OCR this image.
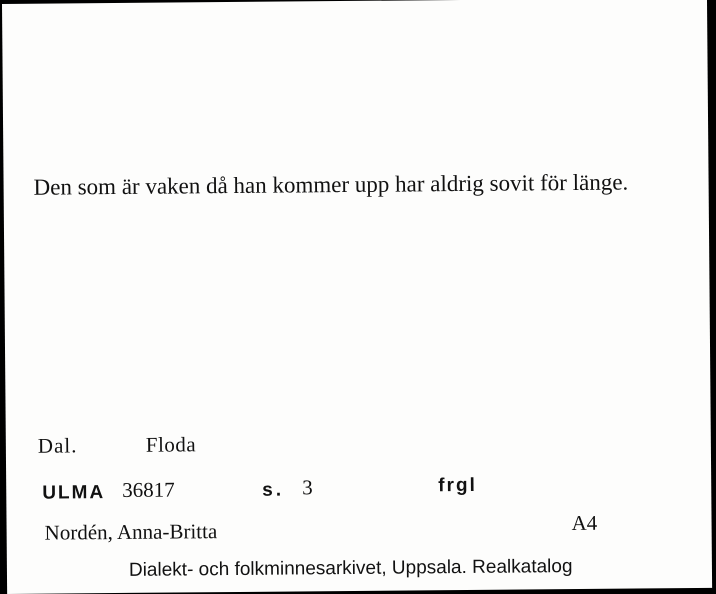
Den som är vaken då han kommer upp har aldrig sovit för länge.
Dal.	Floda
ULMA 36817	s. 3	frgl
Nordén, Anna-Britta	A4
Dialekt- och folkminnesarkivet, Uppsala. Realkatalog
